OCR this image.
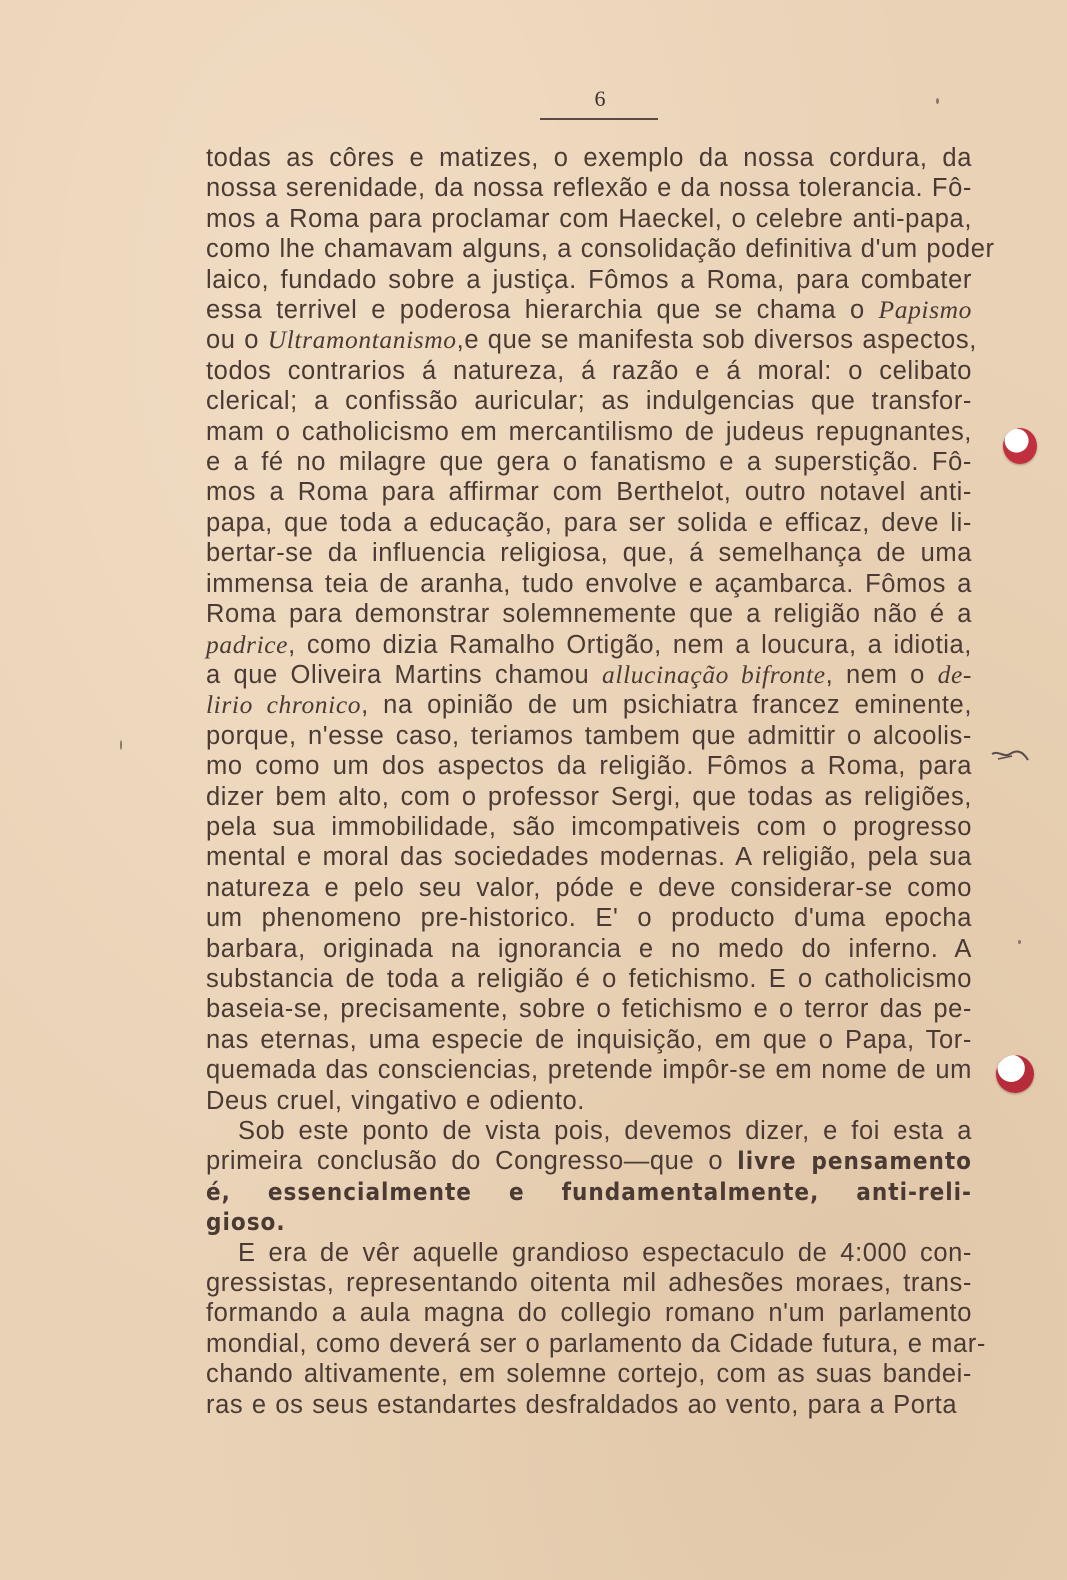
6
todas as côres e matizes, o exemplo da nossa cordura, da
nossa serenidade, da nossa reflexão e da nossa tolerancia. Fô-
mos a Roma para proclamar com Haeckel, o celebre anti-papa,
como lhe chamavam alguns, a consolidação definitiva d'um poder
laico, fundado sobre a justiça. Fômos a Roma, para combater
essa terrivel e poderosa hierarchia que se chama o Papismo
ou o Ultramontanismo,e que se manifesta sob diversos aspectos,
todos contrarios á natureza, á razão e á moral: o celibato
clerical; a confissão auricular; as indulgencias que transfor-
mam o catholicismo em mercantilismo de judeus repugnantes,
e a fé no milagre que gera o fanatismo e a superstição. Fô-
mos a Roma para affirmar com Berthelot, outro notavel anti-
papa, que toda a educação, para ser solida e efficaz, deve li-
bertar-se da influencia religiosa, que, á semelhança de uma
immensa teia de aranha, tudo envolve e açambarca. Fômos a
Roma para demonstrar solemnemente que a religião não é a
padrice, como dizia Ramalho Ortigão, nem a loucura, a idiotia,
a que Oliveira Martins chamou allucinação bifronte, nem o de-
lirio chronico, na opinião de um psichiatra francez eminente,
porque, n'esse caso, teriamos tambem que admittir o alcoolis-
mo como um dos aspectos da religião. Fômos a Roma, para
dizer bem alto, com o professor Sergi, que todas as religiões,
pela sua immobilidade, são imcompativeis com o progresso
mental e moral das sociedades modernas. A religião, pela sua
natureza e pelo seu valor, póde e deve considerar-se como
um phenomeno pre-historico. E' o producto d'uma epocha
barbara, originada na ignorancia e no medo do inferno. A
substancia de toda a religião é o fetichismo. E o catholicismo
baseia-se, precisamente, sobre o fetichismo e o terror das pe-
nas eternas, uma especie de inquisição, em que o Papa, Tor-
quemada das consciencias, pretende impôr-se em nome de um
Deus cruel, vingativo e odiento.
Sob este ponto de vista pois, devemos dizer, e foi esta a
primeira conclusão do Congresso—que o livre pensamento
é, essencialmente e fundamentalmente, anti-reli-
gioso.
E era de vêr aquelle grandioso espectaculo de 4:000 con-
gressistas, representando oitenta mil adhesões moraes, trans-
formando a aula magna do collegio romano n'um parlamento
mondial, como deverá ser o parlamento da Cidade futura, e mar-
chando altivamente, em solemne cortejo, com as suas bandei-
ras e os seus estandartes desfraldados ao vento, para a Porta
